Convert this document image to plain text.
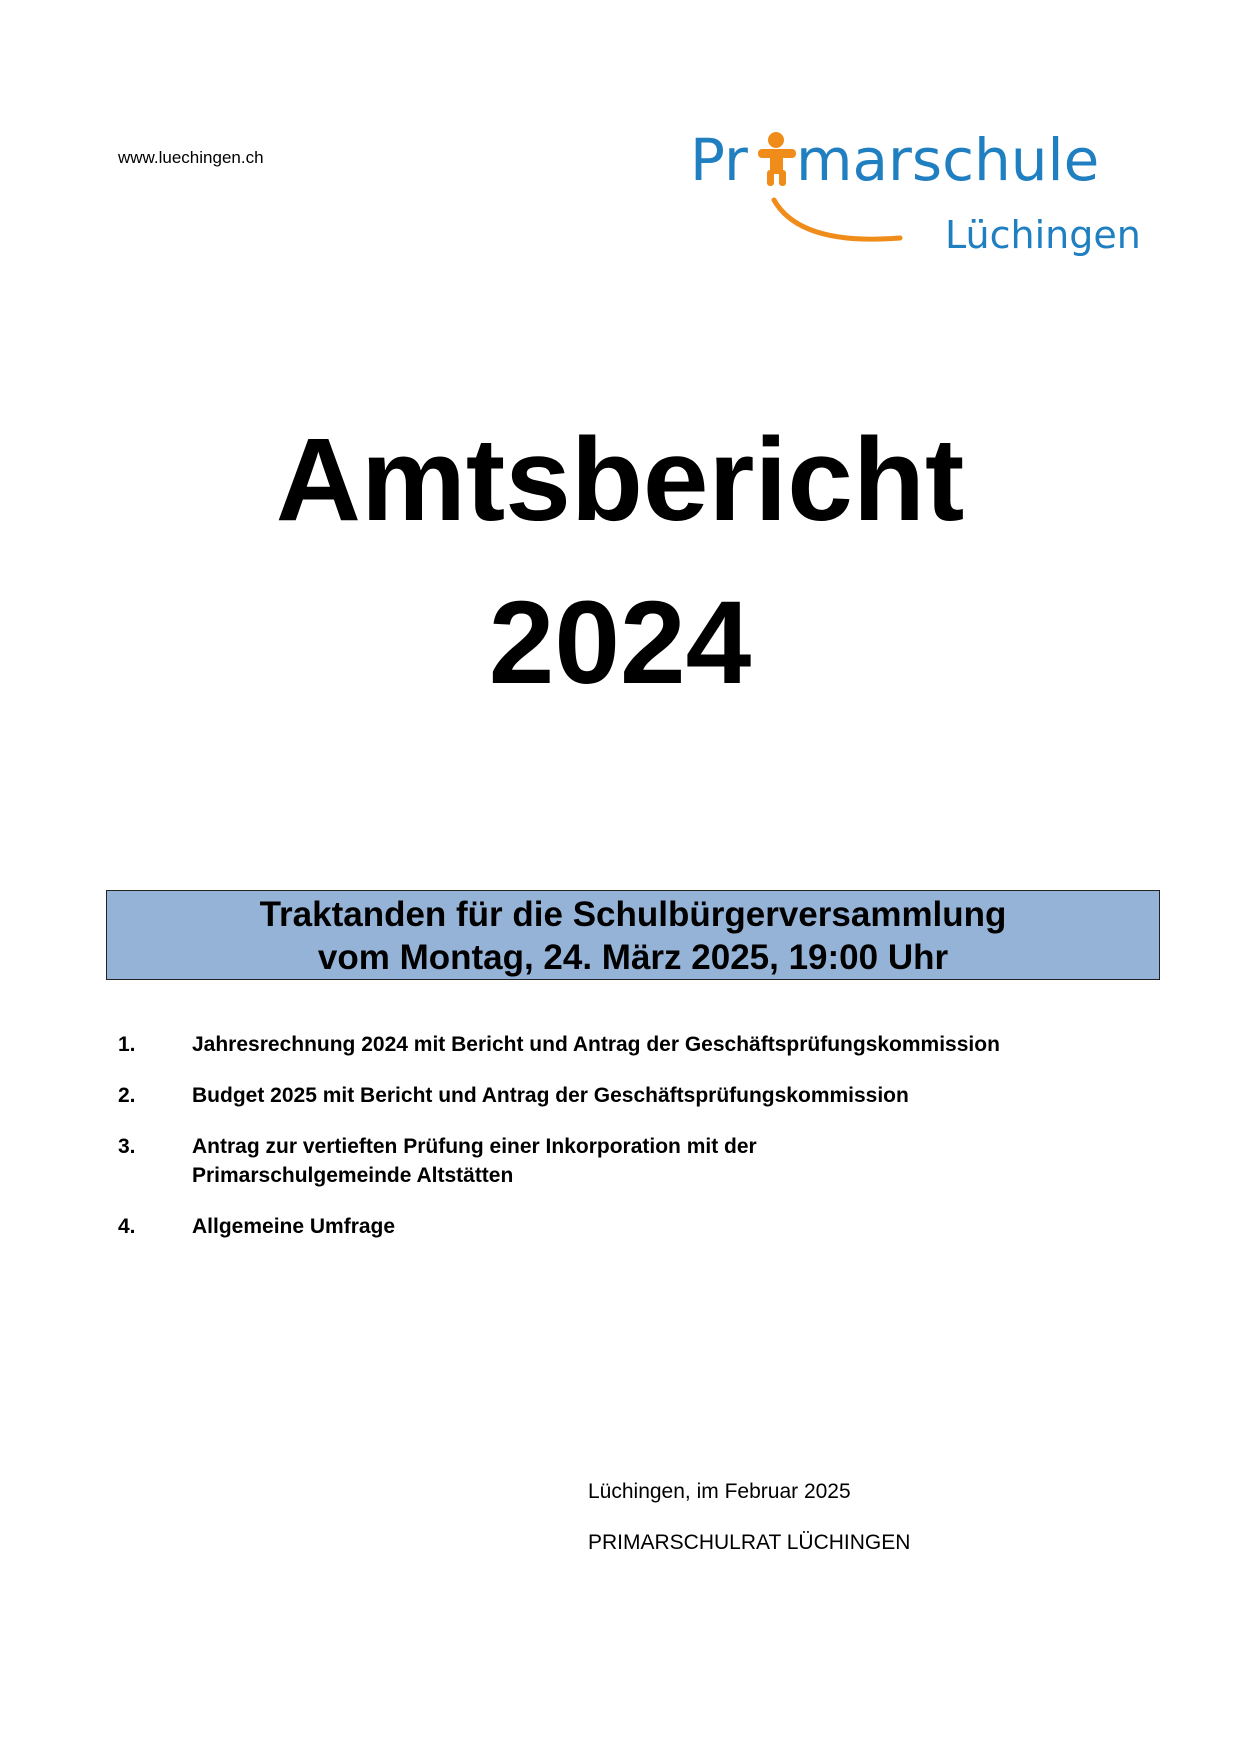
www.luechingen.ch	Pr marschule
Lüchingen
Amtsbericht
2024
Traktanden für die Schulbürgerversammlung
vom Montag, 24. März 2025, 19:00 Uhr
1.	Jahresrechnung 2024 mit Bericht und Antrag der Geschäftsprüfungskommission
2.	Budget 2025 mit Bericht und Antrag der Geschäftsprüfungskommission
3.	Antrag zur vertieften Prüfung einer Inkorporation mit der Primarschulgemeinde Altstätten
4.	Allgemeine Umfrage
Lüchingen, im Februar 2025
PRIMARSCHULRAT LÜCHINGEN
